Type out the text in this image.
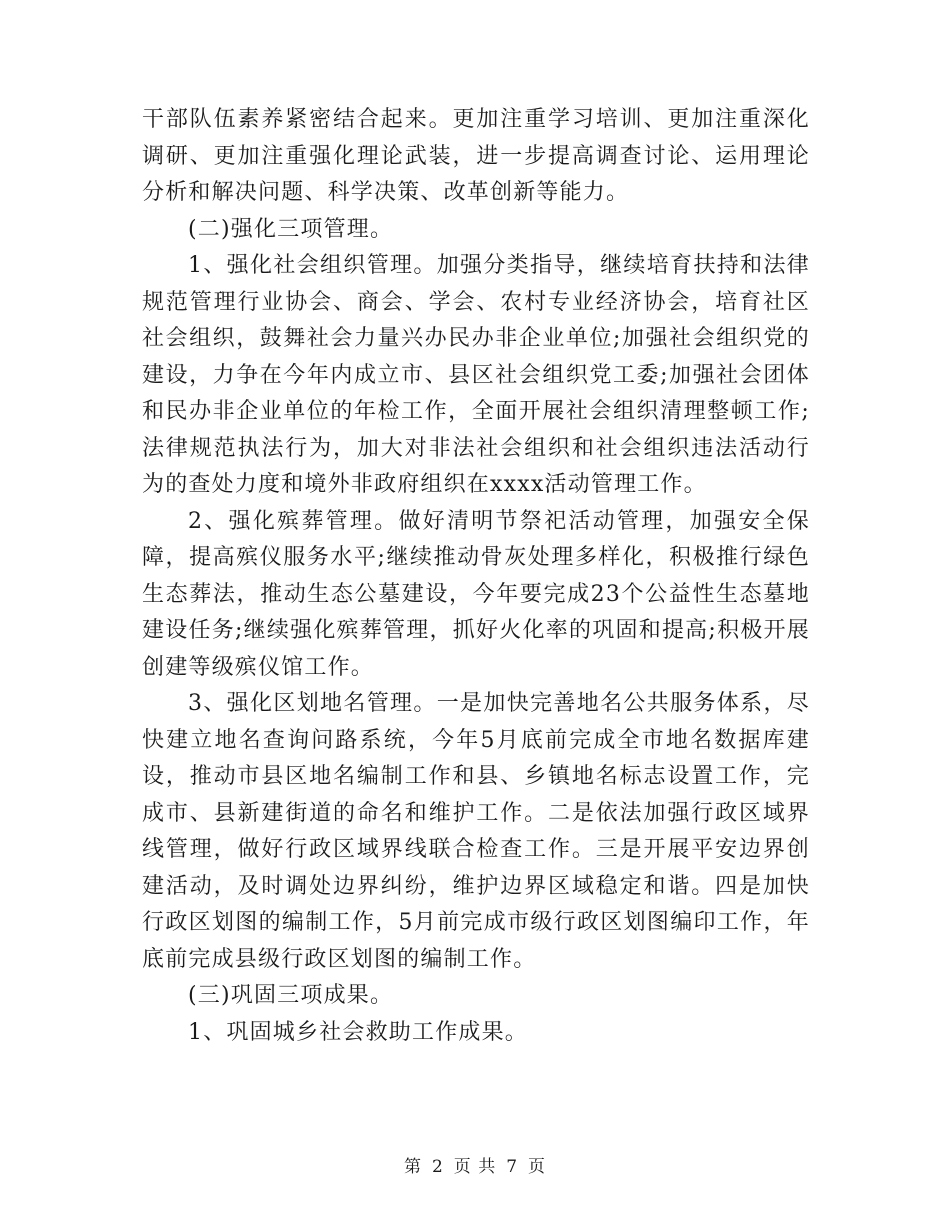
干部队伍素养紧密结合起来。更加注重学习培训、更加注重深化调研、更加注重强化理论武装，进一步提高调查讨论、运用理论分析和解决问题、科学决策、改革创新等能力。

(二)强化三项管理。

1、强化社会组织管理。加强分类指导，继续培育扶持和法律规范管理行业协会、商会、学会、农村专业经济协会，培育社区社会组织，鼓舞社会力量兴办民办非企业单位;加强社会组织党的建设，力争在今年内成立市、县区社会组织党工委;加强社会团体和民办非企业单位的年检工作，全面开展社会组织清理整顿工作;法律规范执法行为，加大对非法社会组织和社会组织违法活动行为的查处力度和境外非政府组织在xxxx活动管理工作。

2、强化殡葬管理。做好清明节祭祀活动管理，加强安全保障，提高殡仪服务水平;继续推动骨灰处理多样化，积极推行绿色生态葬法，推动生态公墓建设，今年要完成23个公益性生态墓地建设任务;继续强化殡葬管理，抓好火化率的巩固和提高;积极开展创建等级殡仪馆工作。

3、强化区划地名管理。一是加快完善地名公共服务体系，尽快建立地名查询问路系统，今年5月底前完成全市地名数据库建设，推动市县区地名编制工作和县、乡镇地名标志设置工作，完成市、县新建街道的命名和维护工作。二是依法加强行政区域界线管理，做好行政区域界线联合检查工作。三是开展平安边界创建活动，及时调处边界纠纷，维护边界区域稳定和谐。四是加快行政区划图的编制工作，5月前完成市级行政区划图编印工作，年底前完成县级行政区划图的编制工作。

(三)巩固三项成果。

1、巩固城乡社会救助工作成果。

第 2 页 共 7 页
